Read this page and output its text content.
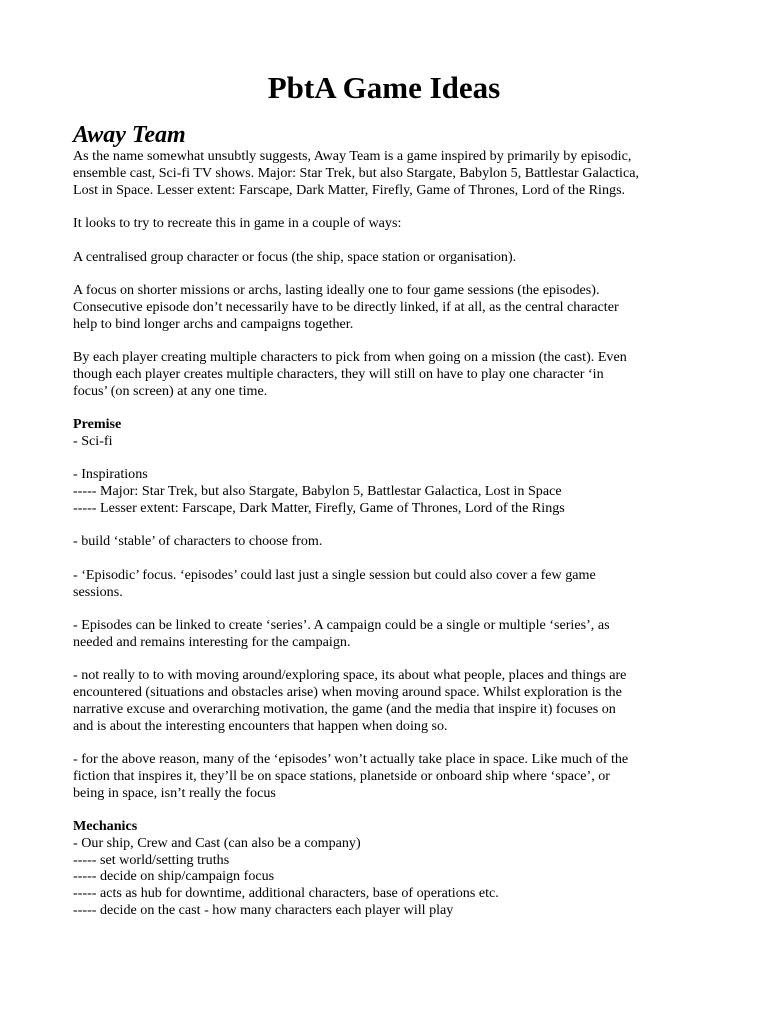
PbtA Game Ideas
Away Team

As the name somewhat unsubtly suggests, Away Team is a game inspired by primarily by episodic,

ensemble cast, Sci-fi TV shows. Major: Star Trek, but also Stargate, Babylon 5, Battlestar Galactica,

Lost in Space. Lesser extent: Farscape, Dark Matter, Firefly, Game of Thrones, Lord of the Rings.

It looks to try to recreate this in game in a couple of ways:

A centralised group character or focus (the ship, space station or organisation).

A focus on shorter missions or archs, lasting ideally one to four game sessions (the episodes).

Consecutive episode don’t necessarily have to be directly linked, if at all, as the central character

help to bind longer archs and campaigns together.

By each player creating multiple characters to pick from when going on a mission (the cast). Even

though each player creates multiple characters, they will still on have to play one character ‘in

focus’ (on screen) at any one time.

Premise

- Sci-fi

- Inspirations

----- Major: Star Trek, but also Stargate, Babylon 5, Battlestar Galactica, Lost in Space

----- Lesser extent: Farscape, Dark Matter, Firefly, Game of Thrones, Lord of the Rings

- build ‘stable’ of characters to choose from.

- ‘Episodic’ focus. ‘episodes’ could last just a single session but could also cover a few game

sessions.

- Episodes can be linked to create ‘series’. A campaign could be a single or multiple ‘series’, as

needed and remains interesting for the campaign.

- not really to to with moving around/exploring space, its about what people, places and things are

encountered (situations and obstacles arise) when moving around space. Whilst exploration is the

narrative excuse and overarching motivation, the game (and the media that inspire it) focuses on

and is about the interesting encounters that happen when doing so.

- for the above reason, many of the ‘episodes’ won’t actually take place in space. Like much of the

fiction that inspires it, they’ll be on space stations, planetside or onboard ship where ‘space’, or

being in space, isn’t really the focus

Mechanics

- Our ship, Crew and Cast (can also be a company)

----- set world/setting truths

----- decide on ship/campaign focus

----- acts as hub for downtime, additional characters, base of operations etc.

----- decide on the cast - how many characters each player will play
